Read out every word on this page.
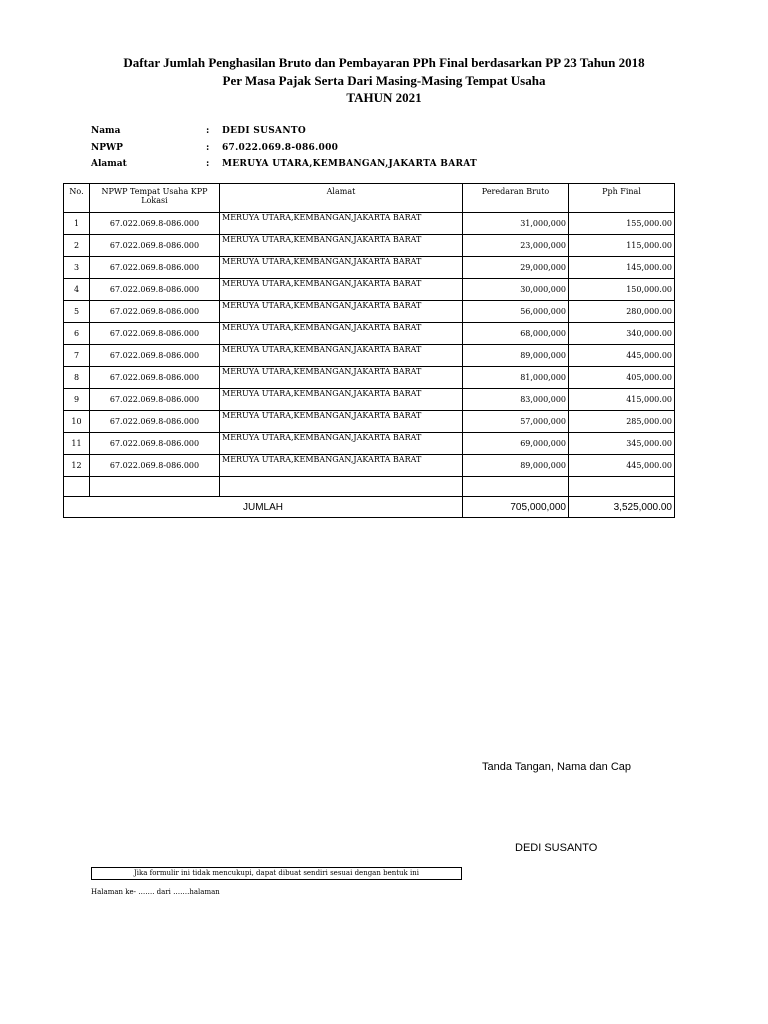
Daftar Jumlah Penghasilan Bruto dan Pembayaran PPh Final berdasarkan PP 23 Tahun 2018
Per Masa Pajak Serta Dari Masing-Masing Tempat Usaha
TAHUN 2021
Nama	: DEDI SUSANTO
NPWP	: 67.022.069.8-086.000
Alamat	: MERUYA UTARA,KEMBANGAN,JAKARTA BARAT
No.	NPWP Tempat Usaha KPP Lokasi	Alamat	Peredaran Bruto	Pph Final
1	67.022.069.8-086.000	MERUYA UTARA,KEMBANGAN,JAKARTA BARAT	31,000,000	155,000.00
2	67.022.069.8-086.000	MERUYA UTARA,KEMBANGAN,JAKARTA BARAT	23,000,000	115,000.00
3	67.022.069.8-086.000	MERUYA UTARA,KEMBANGAN,JAKARTA BARAT	29,000,000	145,000.00
4	67.022.069.8-086.000	MERUYA UTARA,KEMBANGAN,JAKARTA BARAT	30,000,000	150,000.00
5	67.022.069.8-086.000	MERUYA UTARA,KEMBANGAN,JAKARTA BARAT	56,000,000	280,000.00
6	67.022.069.8-086.000	MERUYA UTARA,KEMBANGAN,JAKARTA BARAT	68,000,000	340,000.00
7	67.022.069.8-086.000	MERUYA UTARA,KEMBANGAN,JAKARTA BARAT	89,000,000	445,000.00
8	67.022.069.8-086.000	MERUYA UTARA,KEMBANGAN,JAKARTA BARAT	81,000,000	405,000.00
9	67.022.069.8-086.000	MERUYA UTARA,KEMBANGAN,JAKARTA BARAT	83,000,000	415,000.00
10	67.022.069.8-086.000	MERUYA UTARA,KEMBANGAN,JAKARTA BARAT	57,000,000	285,000.00
11	67.022.069.8-086.000	MERUYA UTARA,KEMBANGAN,JAKARTA BARAT	69,000,000	345,000.00
12	67.022.069.8-086.000	MERUYA UTARA,KEMBANGAN,JAKARTA BARAT	89,000,000	445,000.00

JUMLAH			705,000,000	3,525,000.00
Tanda Tangan, Nama dan Cap
DEDI SUSANTO
Jika formulir ini tidak mencukupi, dapat dibuat sendiri sesuai dengan bentuk ini
Halaman ke- ……. dari …….halaman
